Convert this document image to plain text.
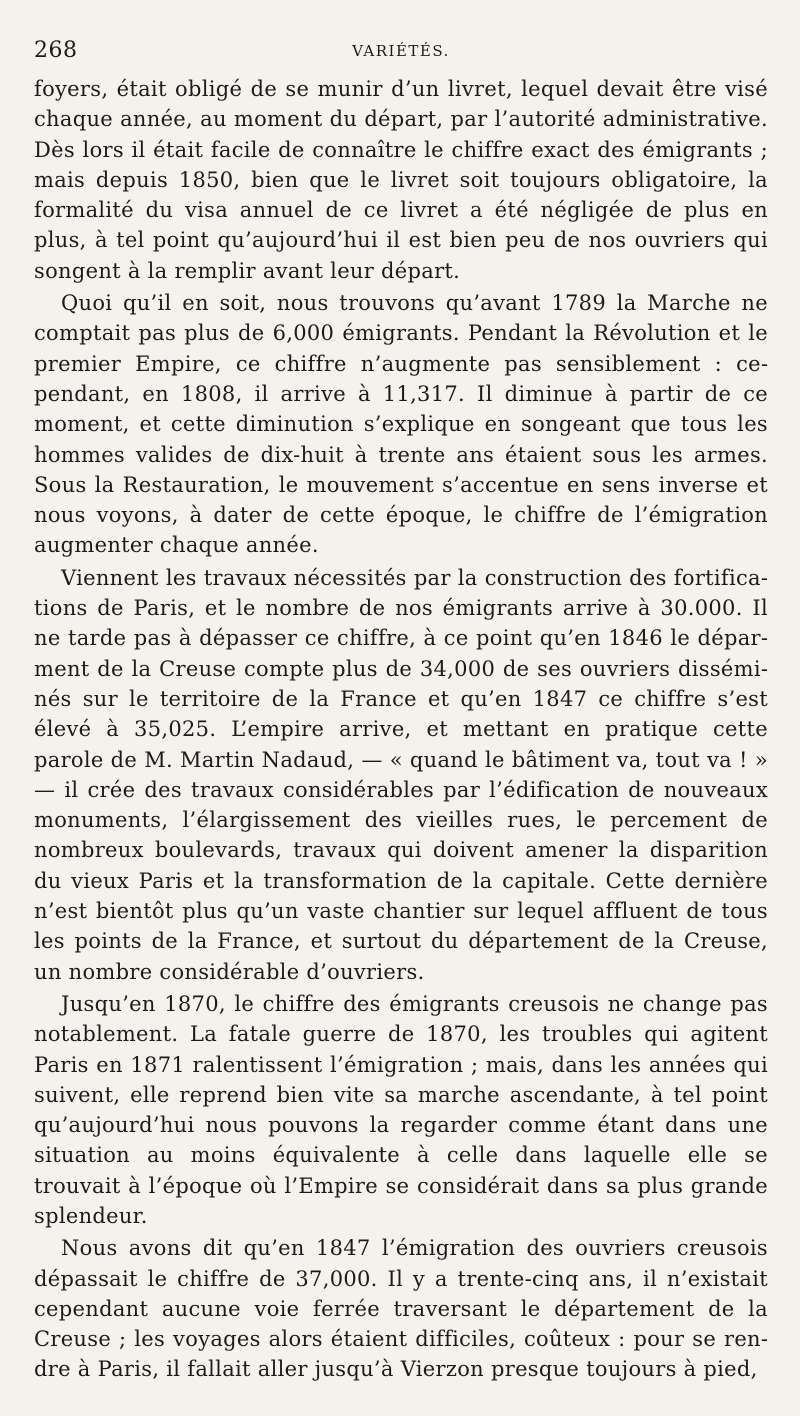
268	VARIÉTÉS.

foyers, était obligé de se munir d’un livret, lequel devait être visé chaque année, au moment du départ, par l’autorité administrative. Dès lors il était facile de connaître le chiffre exact des émigrants ; mais depuis 1850, bien que le livret soit toujours obligatoire, la formalité du visa annuel de ce livret a été négligée de plus en plus, à tel point qu’aujourd’hui il est bien peu de nos ouvriers qui songent à la remplir avant leur départ.

Quoi qu’il en soit, nous trouvons qu’avant 1789 la Marche ne comptait pas plus de 6,000 émigrants. Pendant la Révolution et le premier Empire, ce chiffre n’augmente pas sensiblement : cependant, en 1808, il arrive à 11,317. Il diminue à partir de ce moment, et cette diminution s’explique en songeant que tous les hommes valides de dix-huit à trente ans étaient sous les armes. Sous la Restauration, le mouvement s’accentue en sens inverse et nous voyons, à dater de cette époque, le chiffre de l’émigration augmenter chaque année.

Viennent les travaux nécessités par la construction des fortifications de Paris, et le nombre de nos émigrants arrive à 30.000. Il ne tarde pas à dépasser ce chiffre, à ce point qu’en 1846 le déparment de la Creuse compte plus de 34,000 de ses ouvriers disséminés sur le territoire de la France et qu’en 1847 ce chiffre s’est élevé à 35,025. L’empire arrive, et mettant en pratique cette parole de M. Martin Nadaud, — « quand le bâtiment va, tout va ! » — il crée des travaux considérables par l’édification de nouveaux monuments, l’élargissement des vieilles rues, le percement de nombreux boulevards, travaux qui doivent amener la disparition du vieux Paris et la transformation de la capitale. Cette dernière n’est bientôt plus qu’un vaste chantier sur lequel affluent de tous les points de la France, et surtout du département de la Creuse, un nombre considérable d’ouvriers.

Jusqu’en 1870, le chiffre des émigrants creusois ne change pas notablement. La fatale guerre de 1870, les troubles qui agitent Paris en 1871 ralentissent l’émigration ; mais, dans les années qui suivent, elle reprend bien vite sa marche ascendante, à tel point qu’aujourd’hui nous pouvons la regarder comme étant dans une situation au moins équivalente à celle dans laquelle elle se trouvait à l’époque où l’Empire se considérait dans sa plus grande splendeur.

Nous avons dit qu’en 1847 l’émigration des ouvriers creusois dépassait le chiffre de 37,000. Il y a trente-cinq ans, il n’existait cependant aucune voie ferrée traversant le département de la Creuse ; les voyages alors étaient difficiles, coûteux : pour se rendre à Paris, il fallait aller jusqu’à Vierzon presque toujours à pied,
